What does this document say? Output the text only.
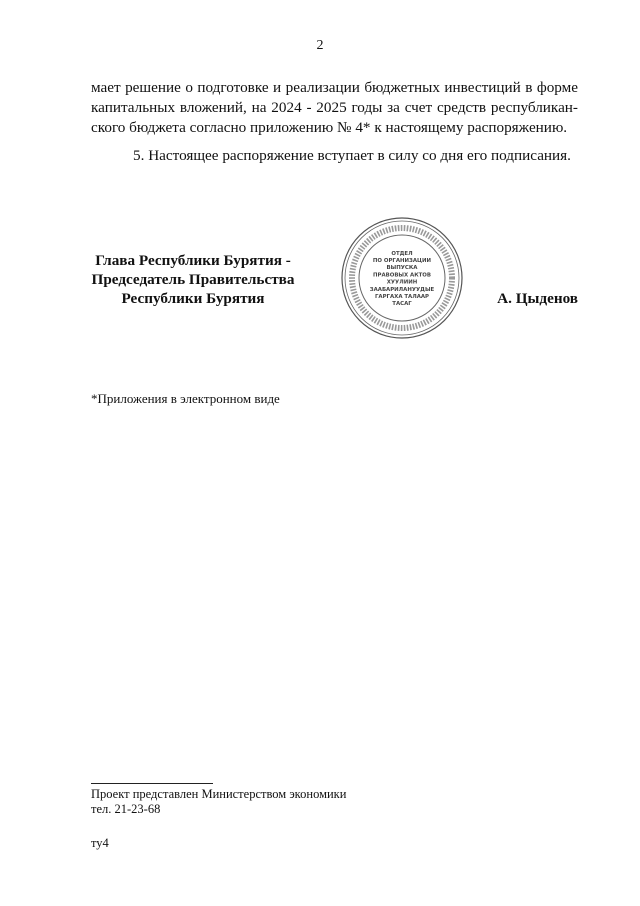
2
мает решение о подготовке и реализации бюджетных инвестиций в форме
капитальных вложений, на 2024 - 2025 годы за счет средств республикан-
ского бюджета согласно приложению № 4* к настоящему распоряжению.
5. Настоящее распоряжение вступает в силу со дня его подписания.
Глава Республики Бурятия -
Председатель Правительства
Республики Бурятия
ОТДЕЛ
ПО ОРГАНИЗАЦИИ
ВЫПУСКА
ПРАВОВЫХ АКТОВ
ХУУЛИИН
ЗААБАРИЛАНУУДЫЕ
ГАРГАХА ТАЛААР
ТАСАГ	А. Цыденов
*Приложения в электронном виде
Проект представлен Министерством экономики
тел. 21-23-68
ту4
